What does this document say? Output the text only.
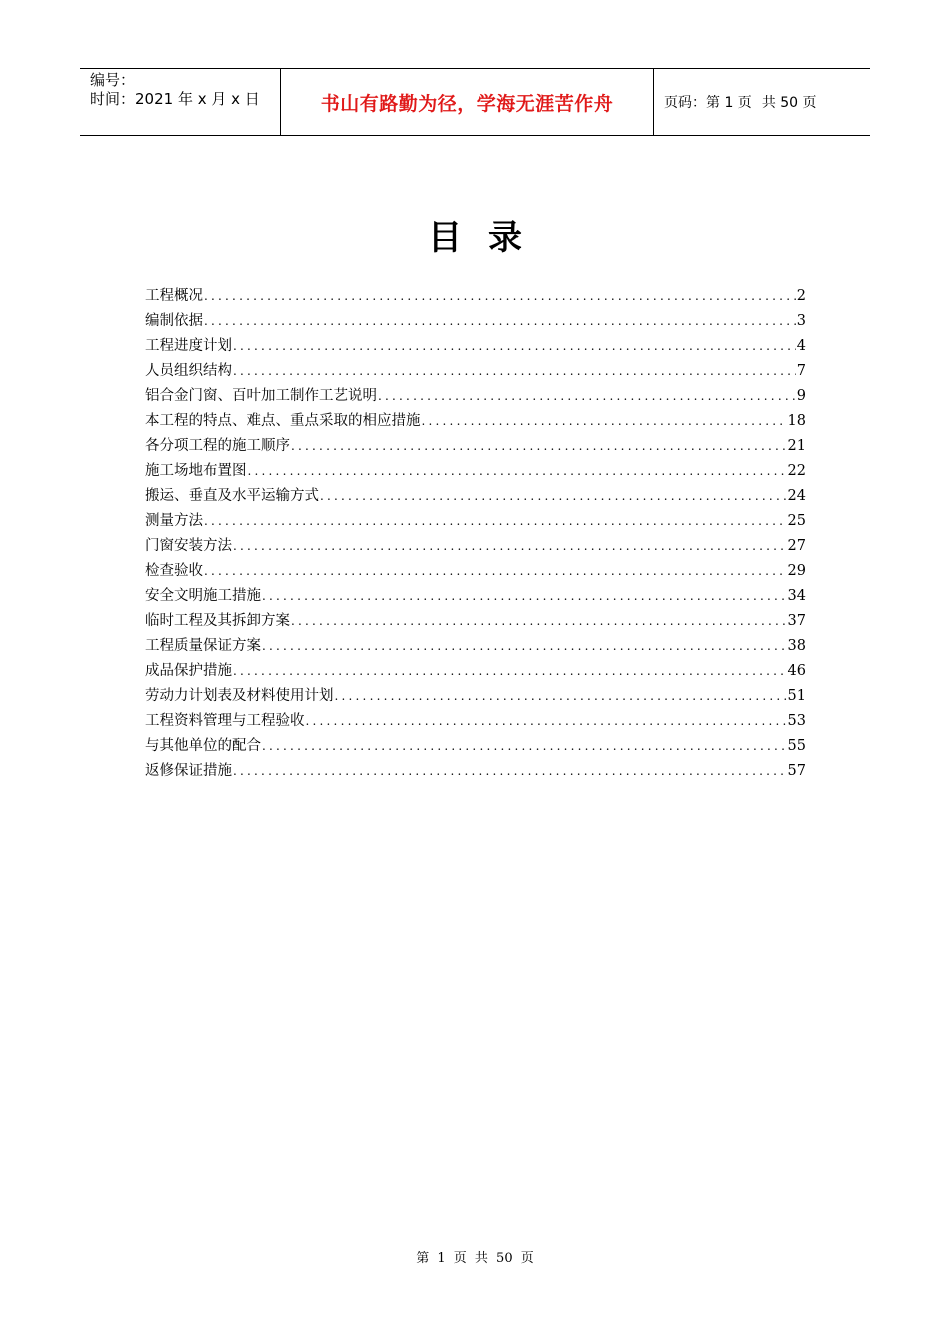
编号：
时间：2021 年 x 月 x 日	书山有路勤为径，学海无涯苦作舟	页码：第 1 页 共 50 页
目录
工程概况 .....	2
编制依据 .....	3
工程进度计划 .....	4
人员组织结构 .....	7
铝合金门窗、百叶加工制作工艺说明 .....	9
本工程的特点、难点、重点采取的相应措施 .....	18
各分项工程的施工顺序 .....	21
施工场地布置图 .....	22
搬运、垂直及水平运输方式 .....	24
测量方法 .....	25
门窗安装方法 .....	27
检查验收 .....	29
安全文明施工措施 .....	34
临时工程及其拆卸方案 .....	37
工程质量保证方案 .....	38
成品保护措施 .....	46
劳动力计划表及材料使用计划 .....	51
工程资料管理与工程验收 .....	53
与其他单位的配合 .....	55
返修保证措施 .....	57
第 1 页 共 50 页
